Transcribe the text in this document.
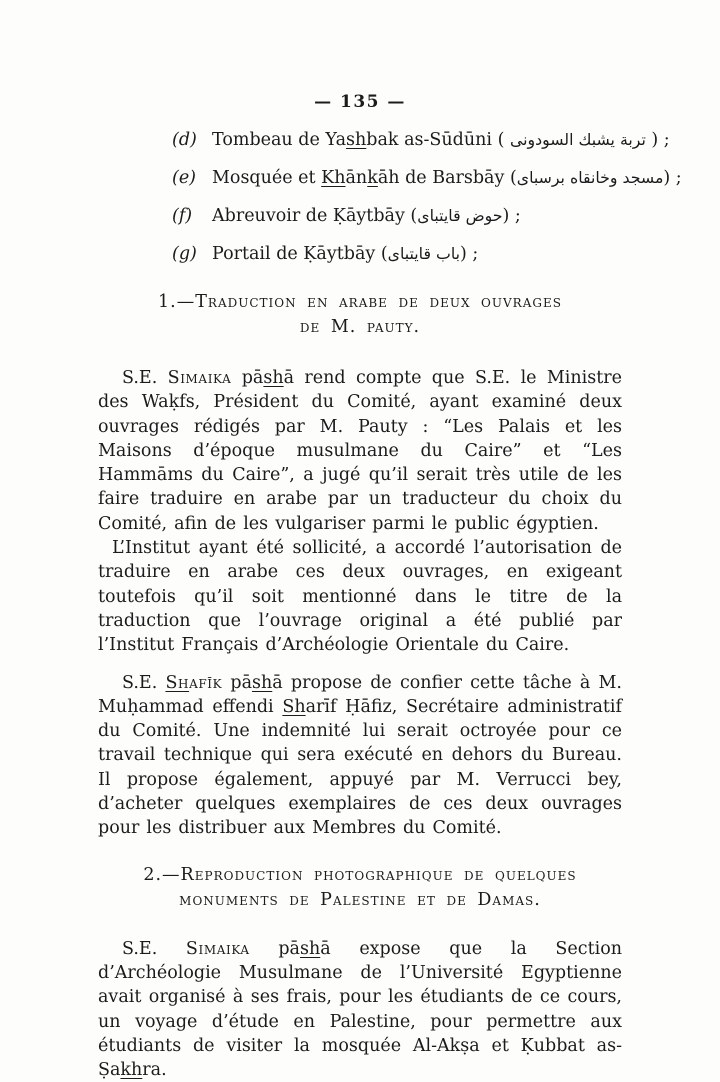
— 135 —
(d) Tombeau de Yashbak as-Sūdūni ( تربة يشبك السودونى ) ;
(e) Mosquée et Khānkāh de Barsbāy (مسجد وخانقاه برسباى) ;
(f) Abreuvoir de Ḳāytbāy (حوض قايتباى) ;
(g) Portail de Ḳāytbāy (باب قايتباى) ;
1.—Traduction en arabe de deux ouvrages
de M. pauty.

S.E. Simaika pāshā rend compte que S.E. le Ministre des Waḳfs, Président du Comité, ayant examiné deux ouvrages rédigés par M. Pauty : “Les Palais et les Maisons d’époque musulmane du Caire” et “Les Hammāms du Caire”, a jugé qu’il serait très utile de les faire traduire en arabe par un traducteur du choix du Comité, afin de les vulgariser parmi le public égyptien.

L’Institut ayant été sollicité, a accordé l’autorisation de traduire en arabe ces deux ouvrages, en exigeant toutefois qu’il soit mentionné dans le titre de la traduction que l’ouvrage original a été publié par l’Institut Français d’Archéologie Orientale du Caire.

S.E. Shafīk pāshā propose de confier cette tâche à M. Muḥammad effendi Sharīf Ḥāfiz, Secrétaire administratif du Comité. Une indemnité lui serait octroyée pour ce travail technique qui sera exécuté en dehors du Bureau. Il propose également, appuyé par M. Verrucci bey, d’acheter quelques exemplaires de ces deux ouvrages pour les distribuer aux Membres du Comité.

2.—Reproduction photographique de quelques
monuments de Palestine et de Damas.

S.E. Simaika pāshā expose que la Section d’Archéologie Musulmane de l’Université Egyptienne avait organisé à ses frais, pour les étudiants de ce cours, un voyage d’étude en Palestine, pour permettre aux étudiants de visiter la mosquée Al-Akṣa et Ḳubbat as-Ṣakhra.
